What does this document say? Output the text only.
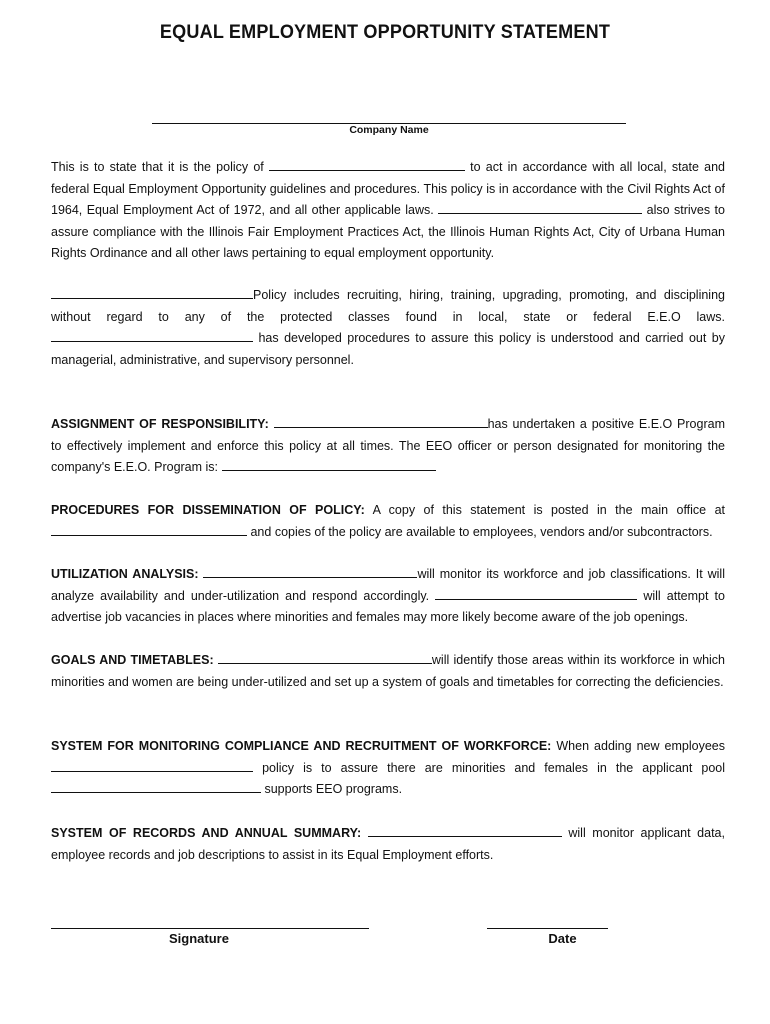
EQUAL EMPLOYMENT OPPORTUNITY STATEMENT
Company Name
This is to state that it is the policy of	to act in accordance with all local, state and federal Equal Employment Opportunity guidelines and procedures. This policy is in accordance with the Civil Rights Act of 1964, Equal Employment Act of 1972, and all other applicable laws.	also strives to assure compliance with the Illinois Fair Employment Practices Act, the Illinois Human Rights Act, City of Urbana Human Rights Ordinance and all other laws pertaining to equal employment opportunity.
Policy includes recruiting, hiring, training, upgrading, promoting, and disciplining without regard to any of the protected classes found in local, state or federal E.E.O laws.  has developed procedures to assure this policy is understood and carried out by managerial, administrative, and supervisory personnel.
ASSIGNMENT OF RESPONSIBILITY:	has undertaken a positive E.E.O Program to effectively implement and enforce this policy at all times. The EEO officer or person designated for monitoring the company's E.E.O. Program is:
PROCEDURES FOR DISSEMINATION OF POLICY: A copy of this statement is posted in the main office at  and copies of the policy are available to employees, vendors and/or subcontractors.
UTILIZATION ANALYSIS:	will monitor its workforce and job classifications. It will analyze availability and under-utilization and respond accordingly.	will attempt to advertise job vacancies in places where minorities and females may more likely become aware of the job openings.
GOALS AND TIMETABLES:	will identify those areas within its workforce in which minorities and women are being under-utilized and set up a system of goals and timetables for correcting the deficiencies.
SYSTEM FOR MONITORING COMPLIANCE AND RECRUITMENT OF WORKFORCE: When adding new employees policy is to assure there are minorities and females in the applicant pool  supports EEO programs.
SYSTEM OF RECORDS AND ANNUAL SUMMARY:	will monitor applicant data, employee records and job descriptions to assist in its Equal Employment efforts.
Signature	Date
